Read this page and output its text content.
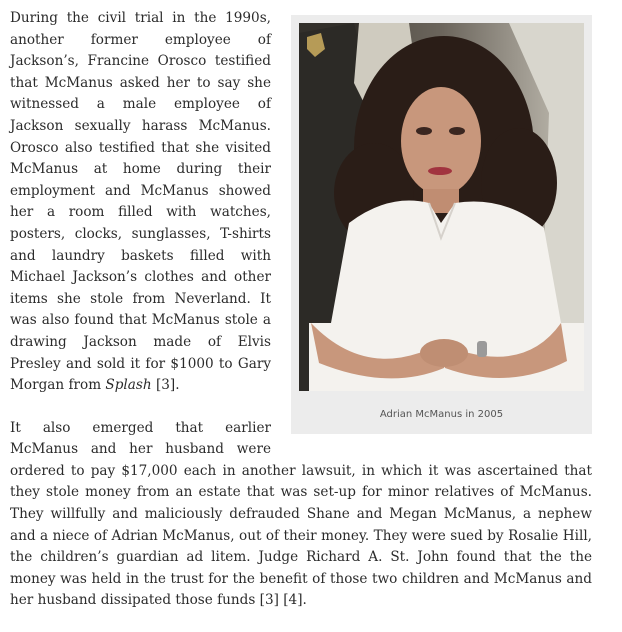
Adrian McManus in 2005

During the civil trial in the 1990s, another former employee of Jackson’s, Francine Orosco testified that McManus asked her to say she witnessed a male employee of Jackson sexually harass McManus. Orosco also testified that she visited McManus at home during their employment and McManus showed her a room filled with watches, posters, clocks, sunglasses, T-shirts and laundry baskets filled with Michael Jackson’s clothes and other items she stole from Neverland. It was also found that McManus stole a drawing Jackson made of Elvis Presley and sold it for $1000 to Gary Morgan from Splash [3].

It also emerged that earlier McManus and her husband were ordered to pay $17,000 each in another lawsuit, in which it was ascertained that they stole money from an estate that was set-up for minor relatives of McManus. They willfully and maliciously defrauded Shane and Megan McManus, a nephew and a niece of Adrian McManus, out of their money. They were sued by Rosalie Hill, the children’s guardian ad litem. Judge Richard A. St. John found that the the money was held in the trust for the benefit of those two children and McManus and her husband dissipated those funds [3] [4].
